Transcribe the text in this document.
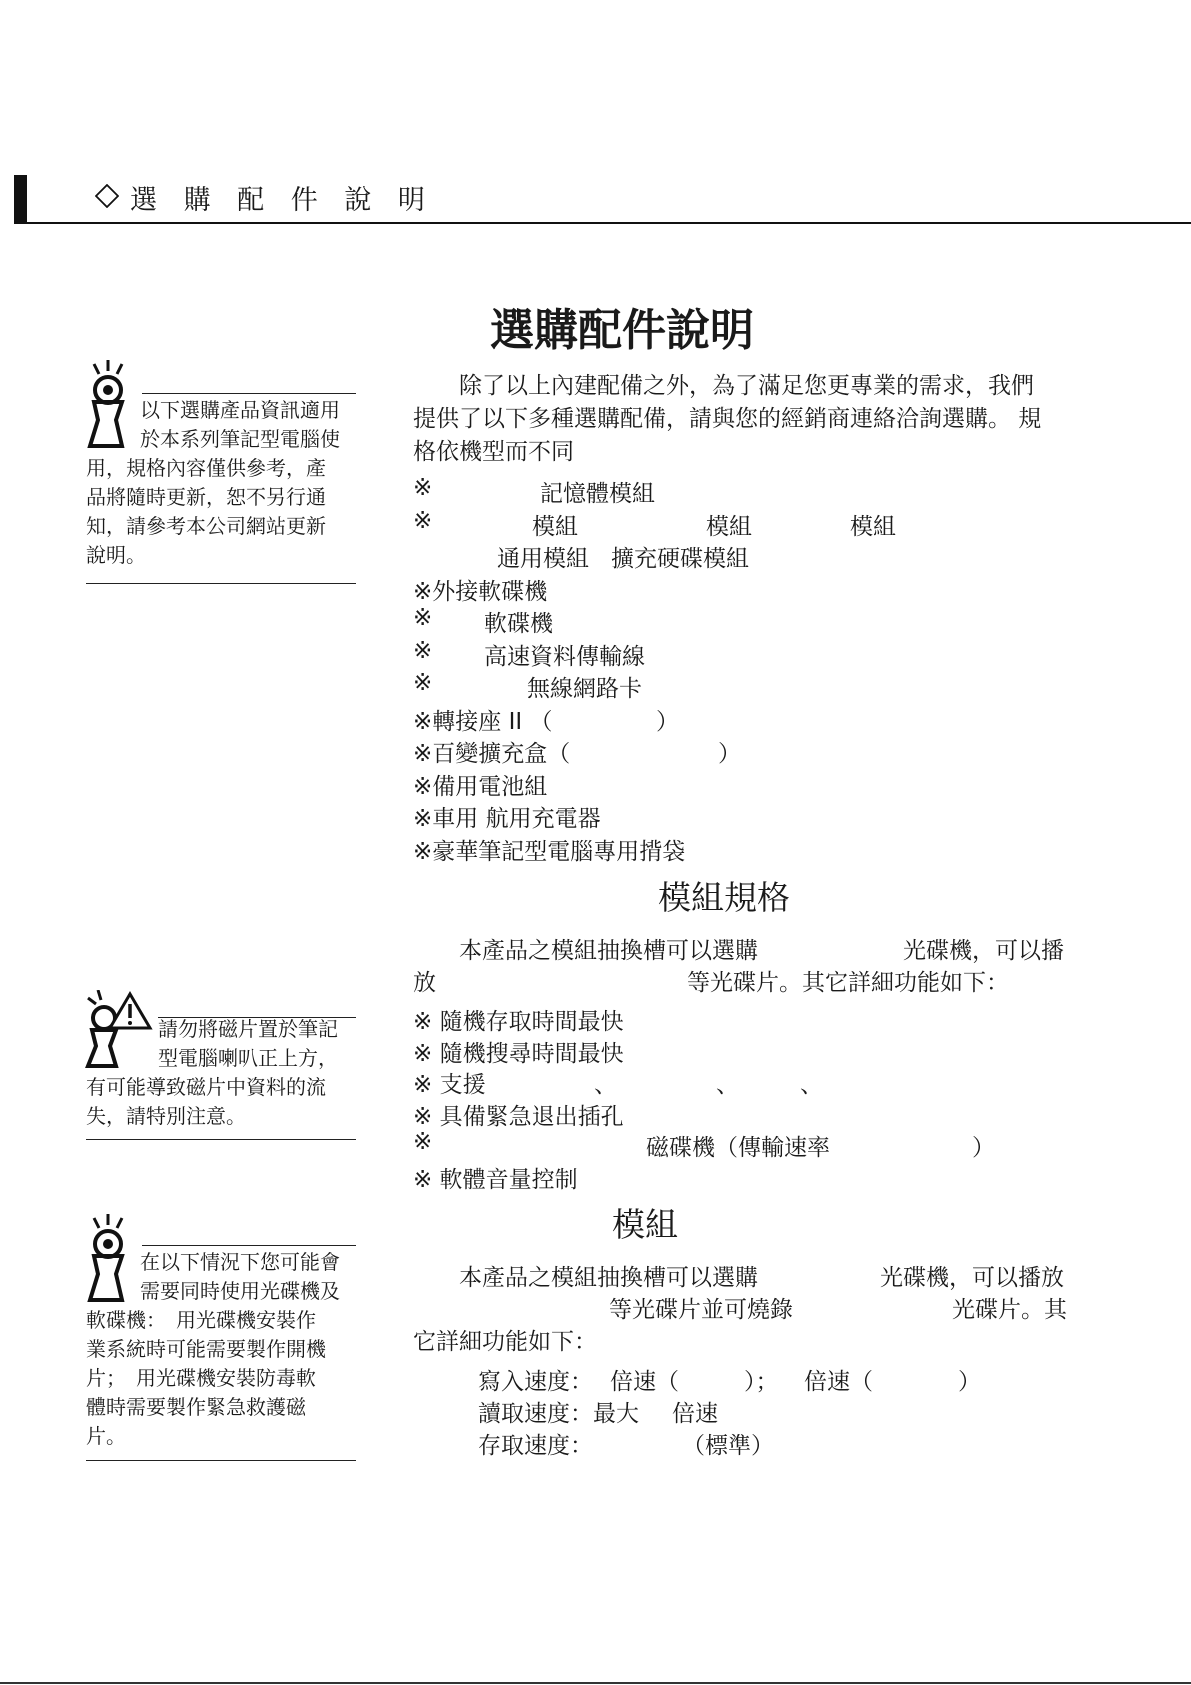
選 購 配 件 說 明
選購配件說明
　　除了以上內建配備之外，為了滿足您更專業的需求，我們
提供了以下多種選購配備，請與您的經銷商連絡洽詢選購。 規
格依機型而不同
※	記憶體模組
※	模組	模組	模組
通用模組 擴充硬碟模組
※外接軟碟機
※ 軟碟機
※ 高速資料傳輸線
※	無線網路卡
※轉接座 II （	）
※百變擴充盒（	）
※備用電池組
※車用 航用充電器
※豪華筆記型電腦專用揹袋
模組規格
　　本產品之模組抽換槽可以選購	光碟機，可以播
放	等光碟片。其它詳細功能如下：
※ 隨機存取時間最快
※ 隨機搜尋時間最快
※ 支援	、	、	、
※ 具備緊急退出插孔
※	磁碟機（傳輸速率	）
※ 軟體音量控制
模組
　　本產品之模組抽換槽可以選購	光碟機，可以播放
等光碟片並可燒錄	光碟片。其
它詳細功能如下：
寫入速度： 倍速（	）； 倍速（	）
讀取速度：最大 倍速
存取速度：	（標準）
以下選購產品資訊適用
於本系列筆記型電腦使
用，規格內容僅供參考，產
品將隨時更新，恕不另行通
知，請參考本公司網站更新
說明。
請勿將磁片置於筆記
型電腦喇叭正上方，
有可能導致磁片中資料的流
失，請特別注意。
在以下情況下您可能會
需要同時使用光碟機及
軟碟機：　用光碟機安裝作
業系統時可能需要製作開機
片；　用光碟機安裝防毒軟
體時需要製作緊急救護磁
片。
